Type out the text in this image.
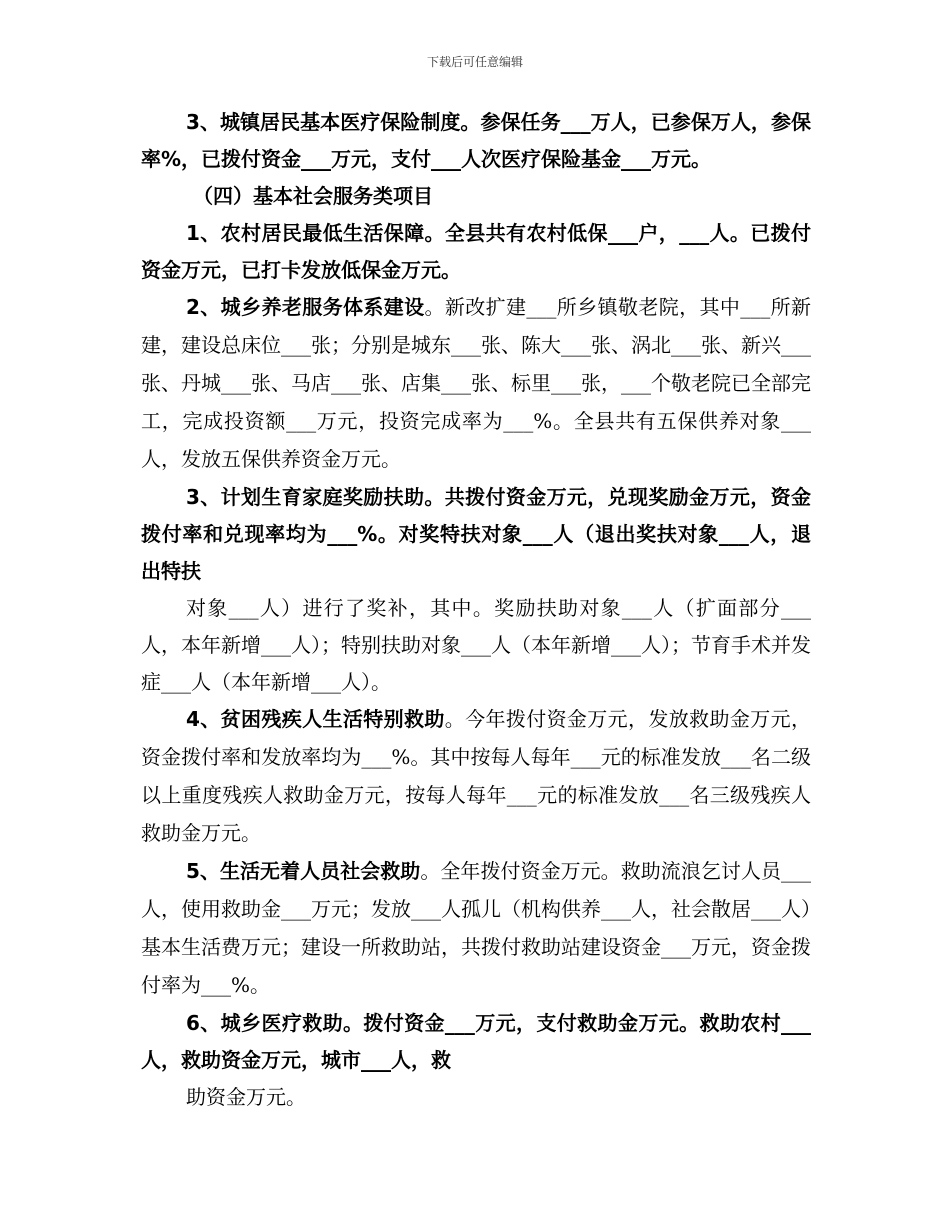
下载后可任意编辑

3、城镇居民基本医疗保险制度。参保任务___万人，已参保万人，参保率%，已拨付资金___万元，支付___人次医疗保险基金___万元。

（四）基本社会服务类项目

1、农村居民最低生活保障。全县共有农村低保___户，___人。已拨付资金万元，已打卡发放低保金万元。

2、城乡养老服务体系建设。新改扩建___所乡镇敬老院，其中___所新建，建设总床位___张；分别是城东___张、陈大___张、涡北___张、新兴___张、丹城___张、马店___张、店集___张、标里___张，___个敬老院已全部完工，完成投资额___万元，投资完成率为___%。全县共有五保供养对象___人，发放五保供养资金万元。

3、计划生育家庭奖励扶助。共拨付资金万元，兑现奖励金万元，资金拨付率和兑现率均为___%。对奖特扶对象___人（退出奖扶对象___人，退出特扶

对象___人）进行了奖补，其中。奖励扶助对象___人（扩面部分___人，本年新增___人）；特别扶助对象___人（本年新增___人）；节育手术并发症___人（本年新增___人）。

4、贫困残疾人生活特别救助。今年拨付资金万元，发放救助金万元，资金拨付率和发放率均为___%。其中按每人每年___元的标准发放___名二级以上重度残疾人救助金万元，按每人每年___元的标准发放___名三级残疾人救助金万元。

5、生活无着人员社会救助。全年拨付资金万元。救助流浪乞讨人员___人，使用救助金___万元；发放___人孤儿（机构供养___人，社会散居___人）基本生活费万元；建设一所救助站，共拨付救助站建设资金___万元，资金拨付率为___%。

6、城乡医疗救助。拨付资金___万元，支付救助金万元。救助农村___人，救助资金万元，城市___人，救

助资金万元。
